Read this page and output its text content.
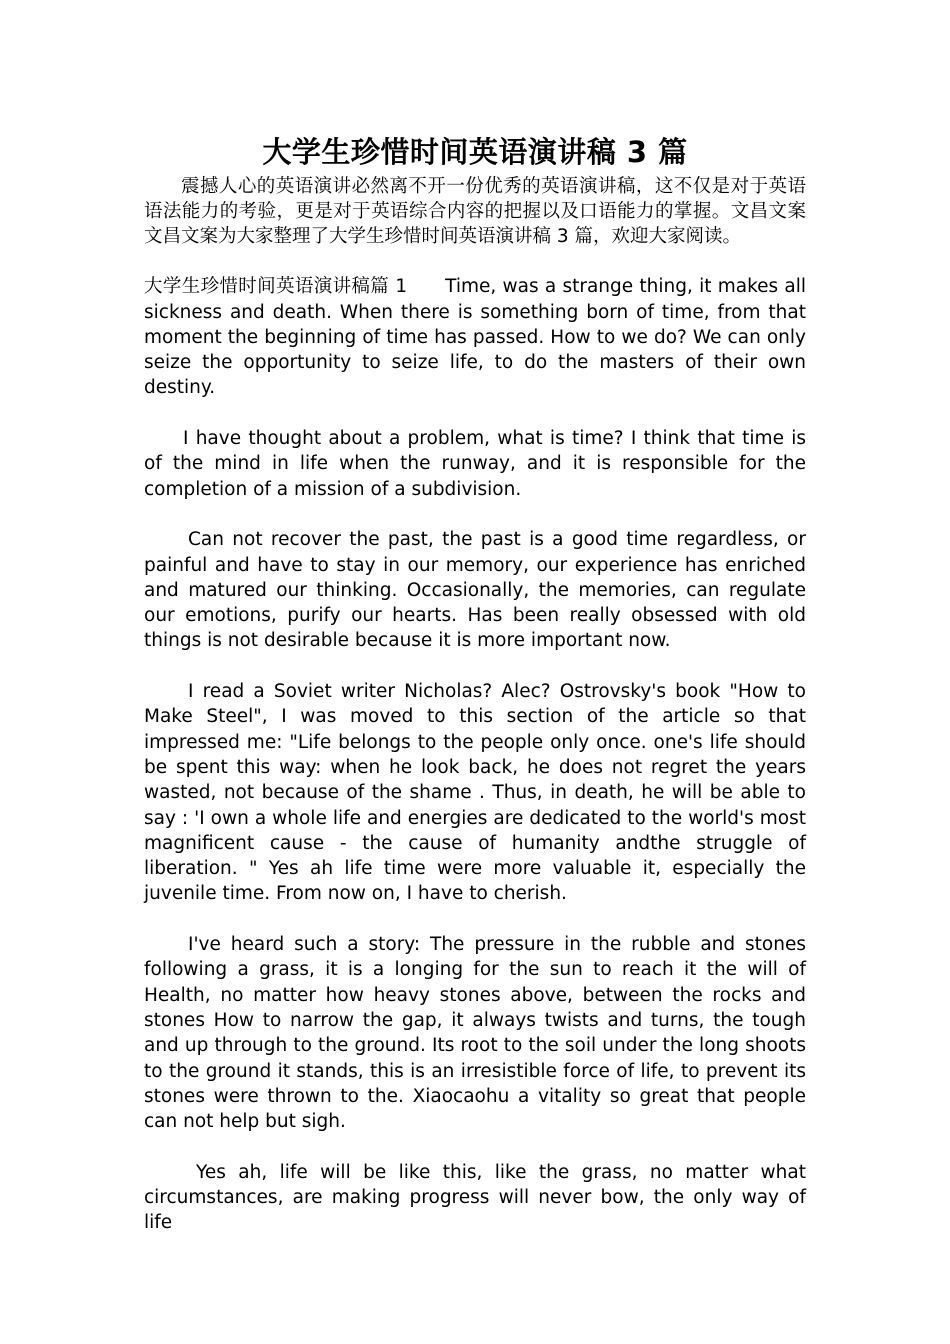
大学生珍惜时间英语演讲稿 3 篇

震撼人心的英语演讲必然离不开一份优秀的英语演讲稿，这不仅是对于英语语法能力的考验，更是对于英语综合内容的把握以及口语能力的掌握。文昌文案文昌文案为大家整理了大学生珍惜时间英语演讲稿 3 篇，欢迎大家阅读。

大学生珍惜时间英语演讲稿篇 1 Time, was a strange thing, it makes all sickness and death. When there is something born of time, from that moment the beginning of time has passed. How to we do? We can only seize the opportunity to seize life, to do the masters of their own destiny.

I have thought about a problem, what is time? I think that time is of the mind in life when the runway, and it is responsible for the completion of a mission of a subdivision.

Can not recover the past, the past is a good time regardless, or painful and have to stay in our memory, our experience has enriched and matured our thinking. Occasionally, the memories, can regulate our emotions, purify our hearts. Has been really obsessed with old things is not desirable because it is more important now.

I read a Soviet writer Nicholas? Alec? Ostrovsky's book "How to Make Steel", I was moved to this section of the article so that impressed me: "Life belongs to the people only once. one's life should be spent this way: when he look back, he does not regret the years wasted, not because of the shame . Thus, in death, he will be able to say : 'I own a whole life and energies are dedicated to the world's most magnificent cause - the cause of humanity andthe struggle of liberation. " Yes ah life time were more valuable it, especially the juvenile time. From now on, I have to cherish.

I've heard such a story: The pressure in the rubble and stones following a grass, it is a longing for the sun to reach it the will of Health, no matter how heavy stones above, between the rocks and stones How to narrow the gap, it always twists and turns, the tough and up through to the ground. Its root to the soil under the long shoots to the ground it stands, this is an irresistible force of life, to prevent its stones were thrown to the. Xiaocaohu a vitality so great that people can not help but sigh.

Yes ah, life will be like this, like the grass, no matter what circumstances, are making progress will never bow, the only way of life
